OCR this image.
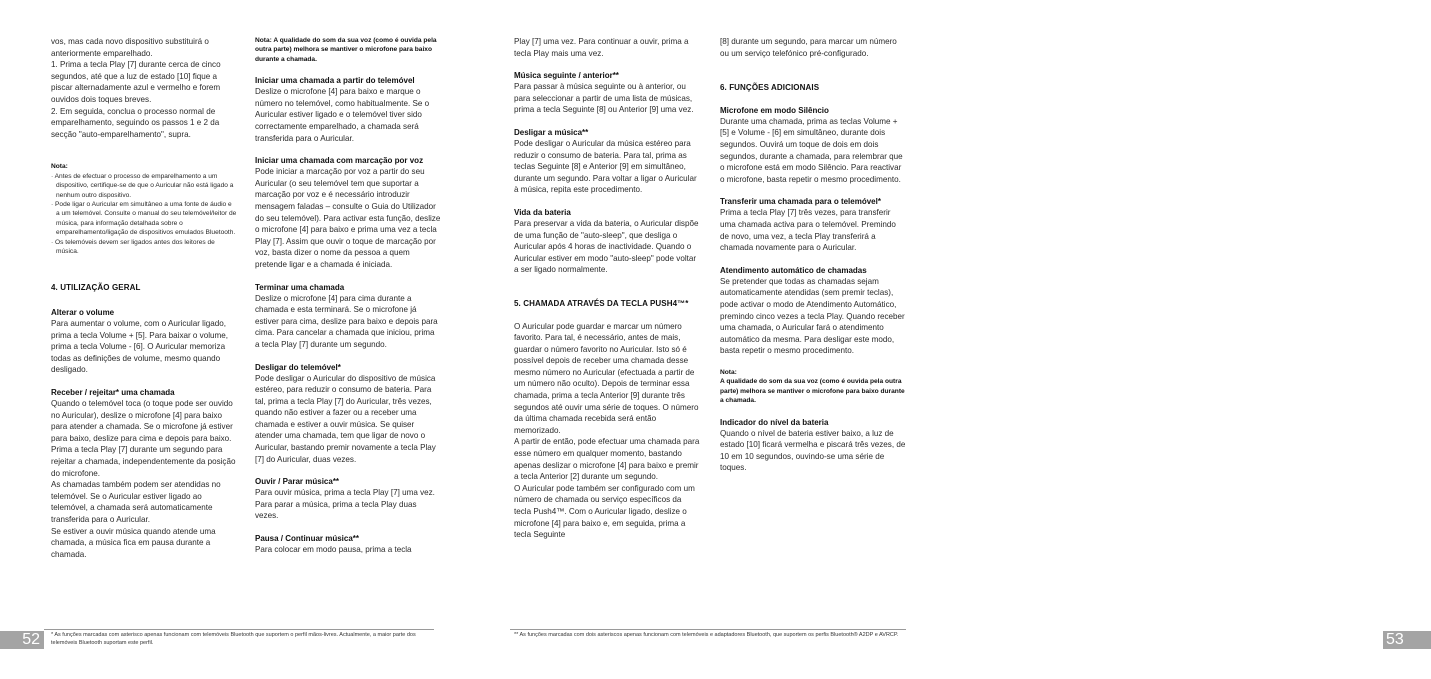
vos, mas cada novo dispositivo substituirá o anteriormente emparelhado.

1. Prima a tecla Play [7] durante cerca de cinco segundos, até que a luz de estado [10] fique a piscar alternadamente azul e vermelho e forem ouvidos dois toques breves.

2. Em seguida, conclua o processo normal de emparelhamento, seguindo os passos 1 e 2 da secção "auto-emparelhamento", supra.

Nota:

· Antes de efectuar o processo de emparelhamento a um dispositivo, certifique-se de que o Auricular não está ligado a nenhum outro dispositivo.

· Pode ligar o Auricular em simultâneo a uma fonte de áudio e a um telemóvel. Consulte o manual do seu telemóvel/leitor de música, para informação detalhada sobre o emparelhamento/ligação de dispositivos emulados Bluetooth.

· Os telemóveis devem ser ligados antes dos leitores de música.

4. UTILIZAÇÃO GERAL

Alterar o volume

Para aumentar o volume, com o Auricular ligado, prima a tecla Volume + [5]. Para baixar o volume, prima a tecla Volume - [6]. O Auricular memoriza todas as definições de volume, mesmo quando desligado.

Receber / rejeitar* uma chamada

Quando o telemóvel toca (o toque pode ser ouvido no Auricular), deslize o microfone [4] para baixo para atender a chamada. Se o microfone já estiver para baixo, deslize para cima e depois para baixo. Prima a tecla Play [7] durante um segundo para rejeitar a chamada, independentemente da posição do microfone.

As chamadas também podem ser atendidas no telemóvel. Se o Auricular estiver ligado ao telemóvel, a chamada será automaticamente transferida para o Auricular.

Se estiver a ouvir música quando atende uma chamada, a música fica em pausa durante a chamada.

Nota: A qualidade do som da sua voz (como é ouvida pela outra parte) melhora se mantiver o microfone para baixo durante a chamada.

Iniciar uma chamada a partir do telemóvel

Deslize o microfone [4] para baixo e marque o número no telemóvel, como habitualmente. Se o Auricular estiver ligado e o telemóvel tiver sido correctamente emparelhado, a chamada será transferida para o Auricular.

Iniciar uma chamada com marcação por voz

Pode iniciar a marcação por voz a partir do seu Auricular (o seu telemóvel tem que suportar a marcação por voz e é necessário introduzir mensagem faladas – consulte o Guia do Utilizador do seu telemóvel). Para activar esta função, deslize o microfone [4] para baixo e prima uma vez a tecla Play [7]. Assim que ouvir o toque de marcação por voz, basta dizer o nome da pessoa a quem pretende ligar e a chamada é iniciada.

Terminar uma chamada

Deslize o microfone [4] para cima durante a chamada e esta terminará. Se o microfone já estiver para cima, deslize para baixo e depois para cima. Para cancelar a chamada que iniciou, prima a tecla Play [7] durante um segundo.

Desligar do telemóvel*

Pode desligar o Auricular do dispositivo de música estéreo, para reduzir o consumo de bateria. Para tal, prima a tecla Play [7] do Auricular, três vezes, quando não estiver a fazer ou a receber uma chamada e estiver a ouvir música. Se quiser atender uma chamada, tem que ligar de novo o Auricular, bastando premir novamente a tecla Play [7] do Auricular, duas vezes.

Ouvir / Parar música**

Para ouvir música, prima a tecla Play [7] uma vez. Para parar a música, prima a tecla Play duas vezes.

Pausa / Continuar música**

Para colocar em modo pausa, prima a tecla

52	* As funções marcadas com asterisco apenas funcionam com telemóveis Bluetooth que suportem o perfil mãos-livres. Actualmente, a maior parte dos telemóveis Bluetooth suportam este perfil.

Play [7] uma vez. Para continuar a ouvir, prima a tecla Play mais uma vez.

Música seguinte / anterior**

Para passar à música seguinte ou à anterior, ou para seleccionar a partir de uma lista de músicas, prima a tecla Seguinte [8] ou Anterior [9] uma vez.

Desligar a música**

Pode desligar o Auricular da música estéreo para reduzir o consumo de bateria. Para tal, prima as teclas Seguinte [8] e Anterior [9] em simultâneo, durante um segundo. Para voltar a ligar o Auricular à música, repita este procedimento.

Vida da bateria

Para preservar a vida da bateria, o Auricular dispõe de uma função de "auto-sleep", que desliga o Auricular após 4 horas de inactividade. Quando o Auricular estiver em modo "auto-sleep" pode voltar a ser ligado normalmente.

5. CHAMADA ATRAVÉS DA TECLA PUSH4™*

O Auricular pode guardar e marcar um número favorito. Para tal, é necessário, antes de mais, guardar o número favorito no Auricular. Isto só é possível depois de receber uma chamada desse mesmo número no Auricular (efectuada a partir de um número não oculto). Depois de terminar essa chamada, prima a tecla Anterior [9] durante três segundos até ouvir uma série de toques. O número da última chamada recebida será então memorizado.

A partir de então, pode efectuar uma chamada para esse número em qualquer momento, bastando apenas deslizar o microfone [4] para baixo e premir a tecla Anterior [2] durante um segundo.

O Auricular pode também ser configurado com um número de chamada ou serviço específicos da tecla Push4™. Com o Auricular ligado, deslize o microfone [4] para baixo e, em seguida, prima a tecla Seguinte

[8] durante um segundo, para marcar um número ou um serviço telefónico pré-configurado.

6. FUNÇÕES ADICIONAIS

Microfone em modo Silêncio

Durante uma chamada, prima as teclas Volume + [5] e Volume - [6] em simultâneo, durante dois segundos. Ouvirá um toque de dois em dois segundos, durante a chamada, para relembrar que o microfone está em modo Silêncio. Para reactivar o microfone, basta repetir o mesmo procedimento.

Transferir uma chamada para o telemóvel*

Prima a tecla Play [7] três vezes, para transferir uma chamada activa para o telemóvel. Premindo de novo, uma vez, a tecla Play transferirá a chamada novamente para o Auricular.

Atendimento automático de chamadas

Se pretender que todas as chamadas sejam automaticamente atendidas (sem premir teclas), pode activar o modo de Atendimento Automático, premindo cinco vezes a tecla Play. Quando receber uma chamada, o Auricular fará o atendimento automático da mesma. Para desligar este modo, basta repetir o mesmo procedimento.

Nota:

A qualidade do som da sua voz (como é ouvida pela outra parte) melhora se mantiver o microfone para baixo durante a chamada.

Indicador do nível da bateria

Quando o nível de bateria estiver baixo, a luz de estado [10] ficará vermelha e piscará três vezes, de 10 em 10 segundos, ouvindo-se uma série de toques.

53
** As funções marcadas com dois asteriscos apenas funcionam com telemóveis e adaptadores Bluetooth, que suportem os perfis Bluetooth® A2DP e AVRCP.
